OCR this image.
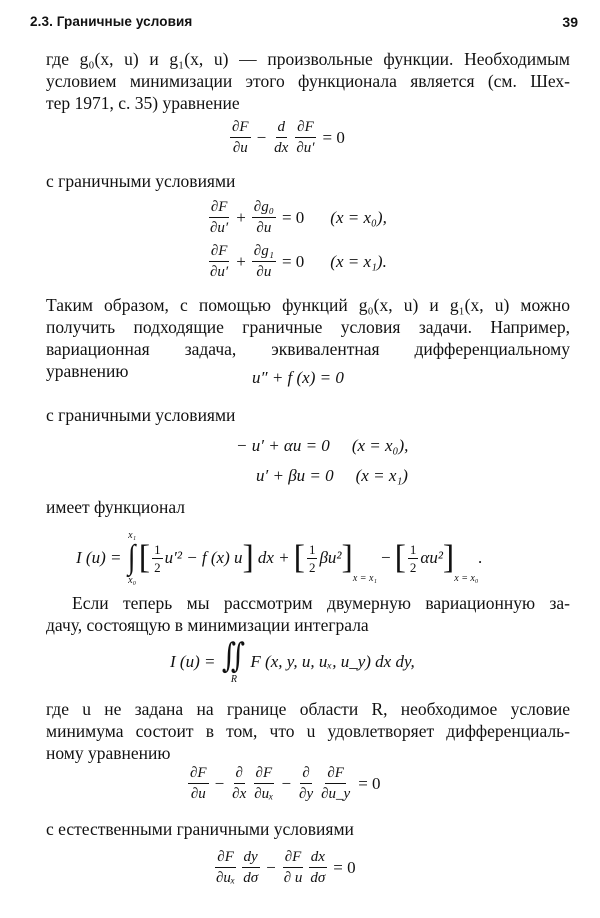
2.3. Граничные условия	39
где g₀(x, u) и g₁(x, u) — произвольные функции. Необходимым
условием минимизации этого функционала является (см. Шех-
тер 1971, с. 35) уравнение
$\frac{\partial F}{\partial u} - \frac{d}{dx} \frac{\partial F}{\partial u'} = 0$
с граничными условиями
$\frac{\partial F}{\partial u'} + \frac{\text{∂g₀}}{\partial u} = 0$ (x = x₀),
$\frac{\partial F}{\partial u'} + \frac{\text{∂g₁}}{\partial u} = 0$ (x = x₁).
Таким образом, с помощью функций g₀(x, u) и g₁(x, u) можно
получить подходящие граничные условия задачи. Например,
вариационная задача, эквивалентная дифференциальному
уравнению	u″ + f (x) = 0
с граничными условиями
− u′ + αu = 0 (x = x₀),
u′ + βu = 0 (x = x₁)
имеет функционал
I (u) =
x₁
∫
x₀
[ $\frac{1}{2} u'^2 - f$ (x) u ] dx + [ $\frac{1}{2} \beta u^2$ ]
x = x₁
− [ $\frac{1}{2} \alpha u^2$ ]
x = x₀
.
Если теперь мы рассмотрим двумерную вариационную за-
дачу, состоящую в минимизации интеграла
I (u) = ∬
R
F (x, y, u, uₓ, u_y) dx dy,
где u не задана на границе области R, необходимое условие
минимума состоит в том, что u удовлетворяет дифференциаль-
ному уравнению
$\frac{\partial F}{\partial u} - \frac{\partial}{\partial x} \frac{\partial F}{\text{∂uₓ}} - \frac{\partial}{\partial y} \frac{\partial F}{\partial u\_y} = 0$
с естественными граничными условиями
$\frac{\partial F}{\text{∂uₓ}} \frac{dy}{d\sigma} - \frac{\partial F}{\partial u} \frac{dx}{d\sigma} = 0$
